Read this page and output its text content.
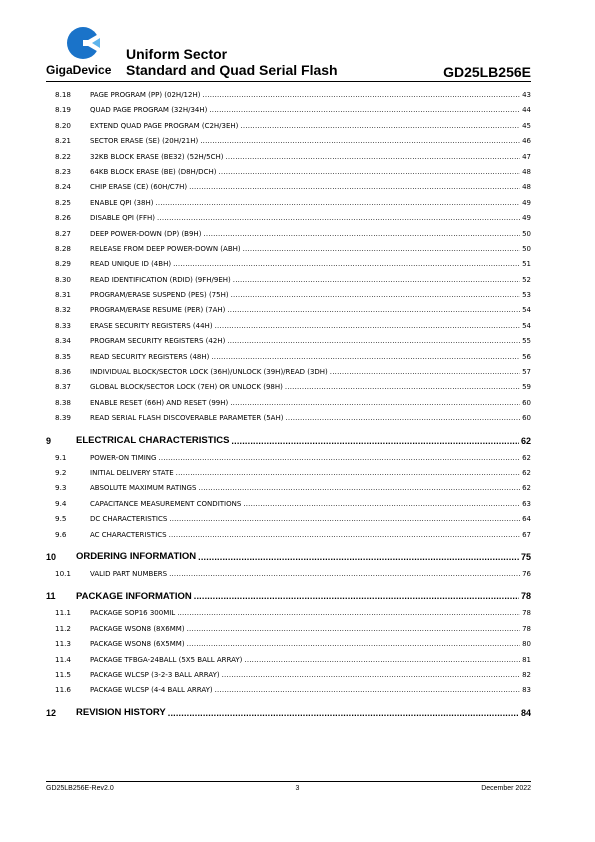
GigaDevice
Uniform Sector
Standard and Quad Serial Flash	GD25LB256E
8.18	PAGE PROGRAM (PP) (02H/12H) .....	43
8.19	QUAD PAGE PROGRAM (32H/34H) .....	44
8.20	EXTEND QUAD PAGE PROGRAM (C2H/3EH) .....	45
8.21	SECTOR ERASE (SE) (20H/21H) .....	46
8.22	32KB BLOCK ERASE (BE32) (52H/5CH) .....	47
8.23	64KB BLOCK ERASE (BE) (D8H/DCH) .....	48
8.24	CHIP ERASE (CE) (60H/C7H) .....	48
8.25	ENABLE QPI (38H) .....	49
8.26	DISABLE QPI (FFH) .....	49
8.27	DEEP POWER-DOWN (DP) (B9H) .....	50
8.28	RELEASE FROM DEEP POWER-DOWN (ABH) .....	50
8.29	READ UNIQUE ID (4BH) .....	51
8.30	READ IDENTIFICATION (RDID) (9FH/9EH) .....	52
8.31	PROGRAM/ERASE SUSPEND (PES) (75H) .....	53
8.32	PROGRAM/ERASE RESUME (PER) (7AH) .....	54
8.33	ERASE SECURITY REGISTERS (44H) .....	54
8.34	PROGRAM SECURITY REGISTERS (42H) .....	55
8.35	READ SECURITY REGISTERS (48H) .....	56
8.36	INDIVIDUAL BLOCK/SECTOR LOCK (36H)/UNLOCK (39H)/READ (3DH) .....	57
8.37	GLOBAL BLOCK/SECTOR LOCK (7EH) OR UNLOCK (98H) .....	59
8.38	ENABLE RESET (66H) AND RESET (99H) .....	60
8.39	READ SERIAL FLASH DISCOVERABLE PARAMETER (5AH) .....	60
9	ELECTRICAL CHARACTERISTICS .....	62
9.1	POWER-ON TIMING .....	62
9.2	INITIAL DELIVERY STATE .....	62
9.3	ABSOLUTE MAXIMUM RATINGS .....	62
9.4	CAPACITANCE MEASUREMENT CONDITIONS .....	63
9.5	DC CHARACTERISTICS .....	64
9.6	AC CHARACTERISTICS .....	67
10	ORDERING INFORMATION .....	75
10.1	VALID PART NUMBERS .....	76
11	PACKAGE INFORMATION .....	78
11.1	PACKAGE SOP16 300MIL .....	78
11.2	PACKAGE WSON8 (8X6MM) .....	78
11.3	PACKAGE WSON8 (6X5MM) .....	80
11.4	PACKAGE TFBGA-24BALL (5X5 BALL ARRAY) .....	81
11.5	PACKAGE WLCSP (3-2-3 BALL ARRAY) .....	82
11.6	PACKAGE WLCSP (4-4 BALL ARRAY) .....	83
12	REVISION HISTORY .....	84
GD25LB256E-Rev2.0	3	December 2022
